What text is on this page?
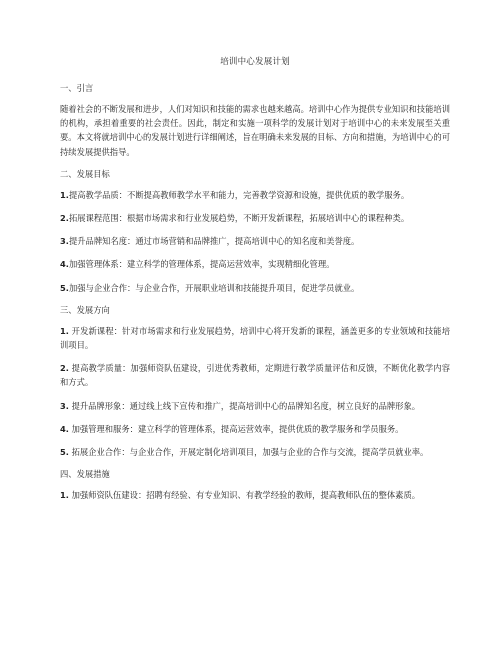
培训中心发展计划
一、引言

随着社会的不断发展和进步，人们对知识和技能的需求也越来越高。培训中心作为提供专业知识和技能培训的机构，承担着重要的社会责任。因此，制定和实施一项科学的发展计划对于培训中心的未来发展至关重要。本文将就培训中心的发展计划进行详细阐述，旨在明确未来发展的目标、方向和措施，为培训中心的可持续发展提供指导。

二、发展目标

1.提高教学品质：不断提高教师教学水平和能力，完善教学资源和设施，提供优质的教学服务。

2.拓展课程范围：根据市场需求和行业发展趋势，不断开发新课程，拓展培训中心的课程种类。

3.提升品牌知名度：通过市场营销和品牌推广，提高培训中心的知名度和美誉度。

4.加强管理体系：建立科学的管理体系，提高运营效率，实现精细化管理。

5.加强与企业合作：与企业合作，开展职业培训和技能提升项目，促进学员就业。

三、发展方向

1. 开发新课程：针对市场需求和行业发展趋势，培训中心将开发新的课程，涵盖更多的专业领域和技能培训项目。

2. 提高教学质量：加强师资队伍建设，引进优秀教师，定期进行教学质量评估和反馈，不断优化教学内容和方式。

3. 提升品牌形象：通过线上线下宣传和推广，提高培训中心的品牌知名度，树立良好的品牌形象。

4. 加强管理和服务：建立科学的管理体系，提高运营效率，提供优质的教学服务和学员服务。

5. 拓展企业合作：与企业合作，开展定制化培训项目，加强与企业的合作与交流，提高学员就业率。

四、发展措施

1. 加强师资队伍建设：招聘有经验、有专业知识、有教学经验的教师，提高教师队伍的整体素质。
